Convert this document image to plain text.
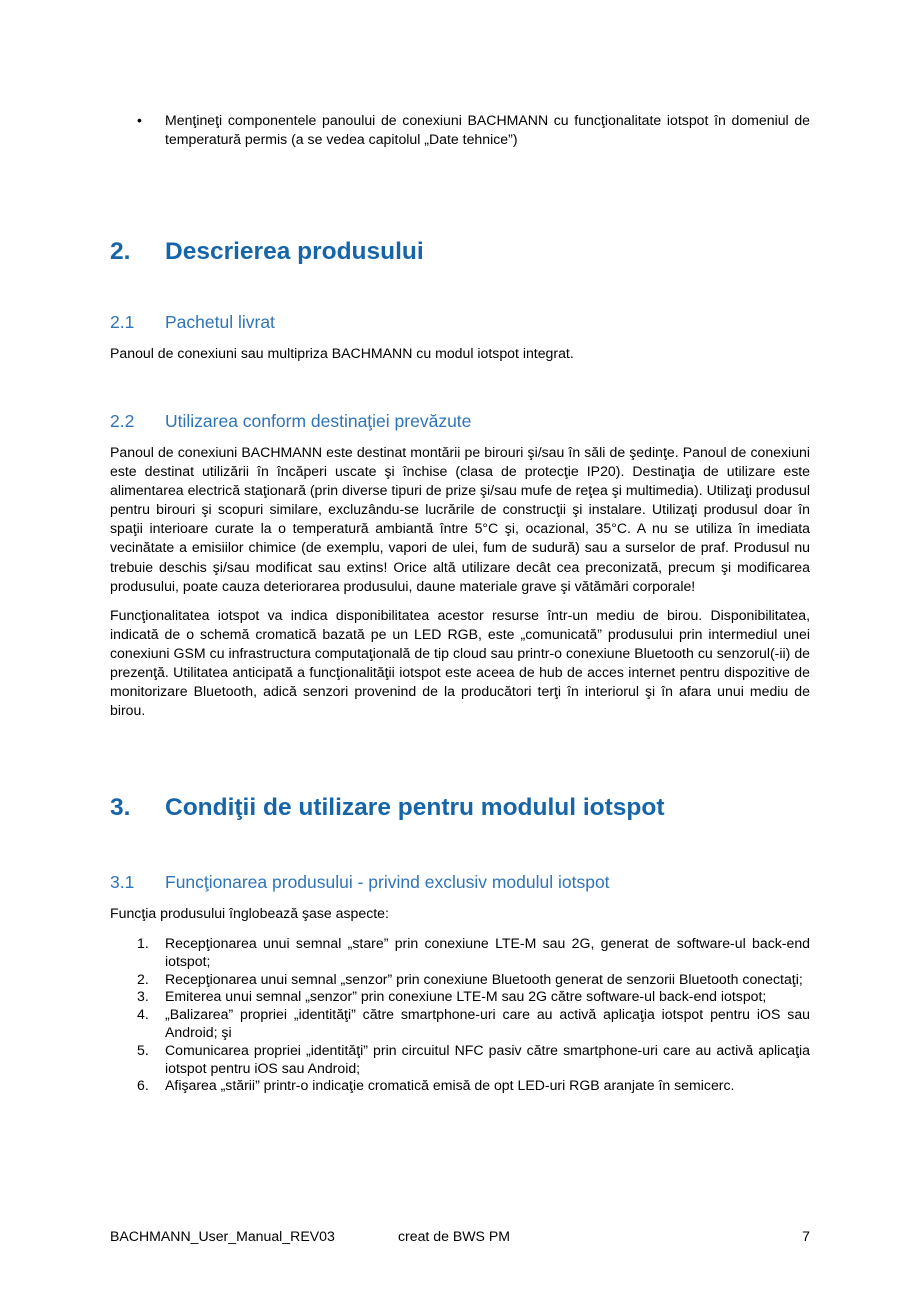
•	Menţineţi componentele panoului de conexiuni BACHMANN cu funcţionalitate iotspot în domeniul de temperatură permis (a se vedea capitolul „Date tehnice”)

2.	Descrierea produsului
2.1	Pachetul livrat

Panoul de conexiuni sau multipriza BACHMANN cu modul iotspot integrat.

2.2	Utilizarea conform destinaţiei prevăzute

Panoul de conexiuni BACHMANN este destinat montării pe birouri şi/sau în săli de şedinţe. Panoul de conexiuni este destinat utilizării în încăperi uscate şi închise (clasa de protecţie IP20). Destinaţia de utilizare este alimentarea electrică staţionară (prin diverse tipuri de prize şi/sau mufe de reţea şi multimedia). Utilizaţi produsul pentru birouri şi scopuri similare, excluzându-se lucrările de construcţii şi instalare. Utilizaţi produsul doar în spaţii interioare curate la o temperatură ambiantă între 5°C şi, ocazional, 35°C. A nu se utiliza în imediata vecinătate a emisiilor chimice (de exemplu, vapori de ulei, fum de sudură) sau a surselor de praf. Produsul nu trebuie deschis şi/sau modificat sau extins! Orice altă utilizare decât cea preconizată, precum şi modificarea produsului, poate cauza deteriorarea produsului, daune materiale grave şi vătămări corporale!

Funcţionalitatea iotspot va indica disponibilitatea acestor resurse într-un mediu de birou. Disponibilitatea, indicată de o schemă cromatică bazată pe un LED RGB, este „comunicată” produsului prin intermediul unei conexiuni GSM cu infrastructura computaţională de tip cloud sau printr-o conexiune Bluetooth cu senzorul(-ii) de prezenţă. Utilitatea anticipată a funcţionalităţii iotspot este aceea de hub de acces internet pentru dispozitive de monitorizare Bluetooth, adică senzori provenind de la producători terţi în interiorul şi în afara unui mediu de birou.

3.	Condiţii de utilizare pentru modulul iotspot
3.1	Funcţionarea produsului - privind exclusiv modulul iotspot

Funcţia produsului înglobează şase aspecte:

1.	Recepţionarea unui semnal „stare” prin conexiune LTE-M sau 2G, generat de software-ul back-end iotspot;
2.	Recepţionarea unui semnal „senzor” prin conexiune Bluetooth generat de senzorii Bluetooth conectaţi;
3.	Emiterea unui semnal „senzor” prin conexiune LTE-M sau 2G către software-ul back-end iotspot;
4.	„Balizarea” propriei „identităţi” către smartphone-uri care au activă aplicaţia iotspot pentru iOS sau Android; şi
5.	Comunicarea propriei „identităţi” prin circuitul NFC pasiv către smartphone-uri care au activă aplicaţia iotspot pentru iOS sau Android;
6.	Afişarea „stării” printr-o indicaţie cromatică emisă de opt LED-uri RGB aranjate în semicerc.
BACHMANN_User_Manual_REV03	creat de BWS PM	7
